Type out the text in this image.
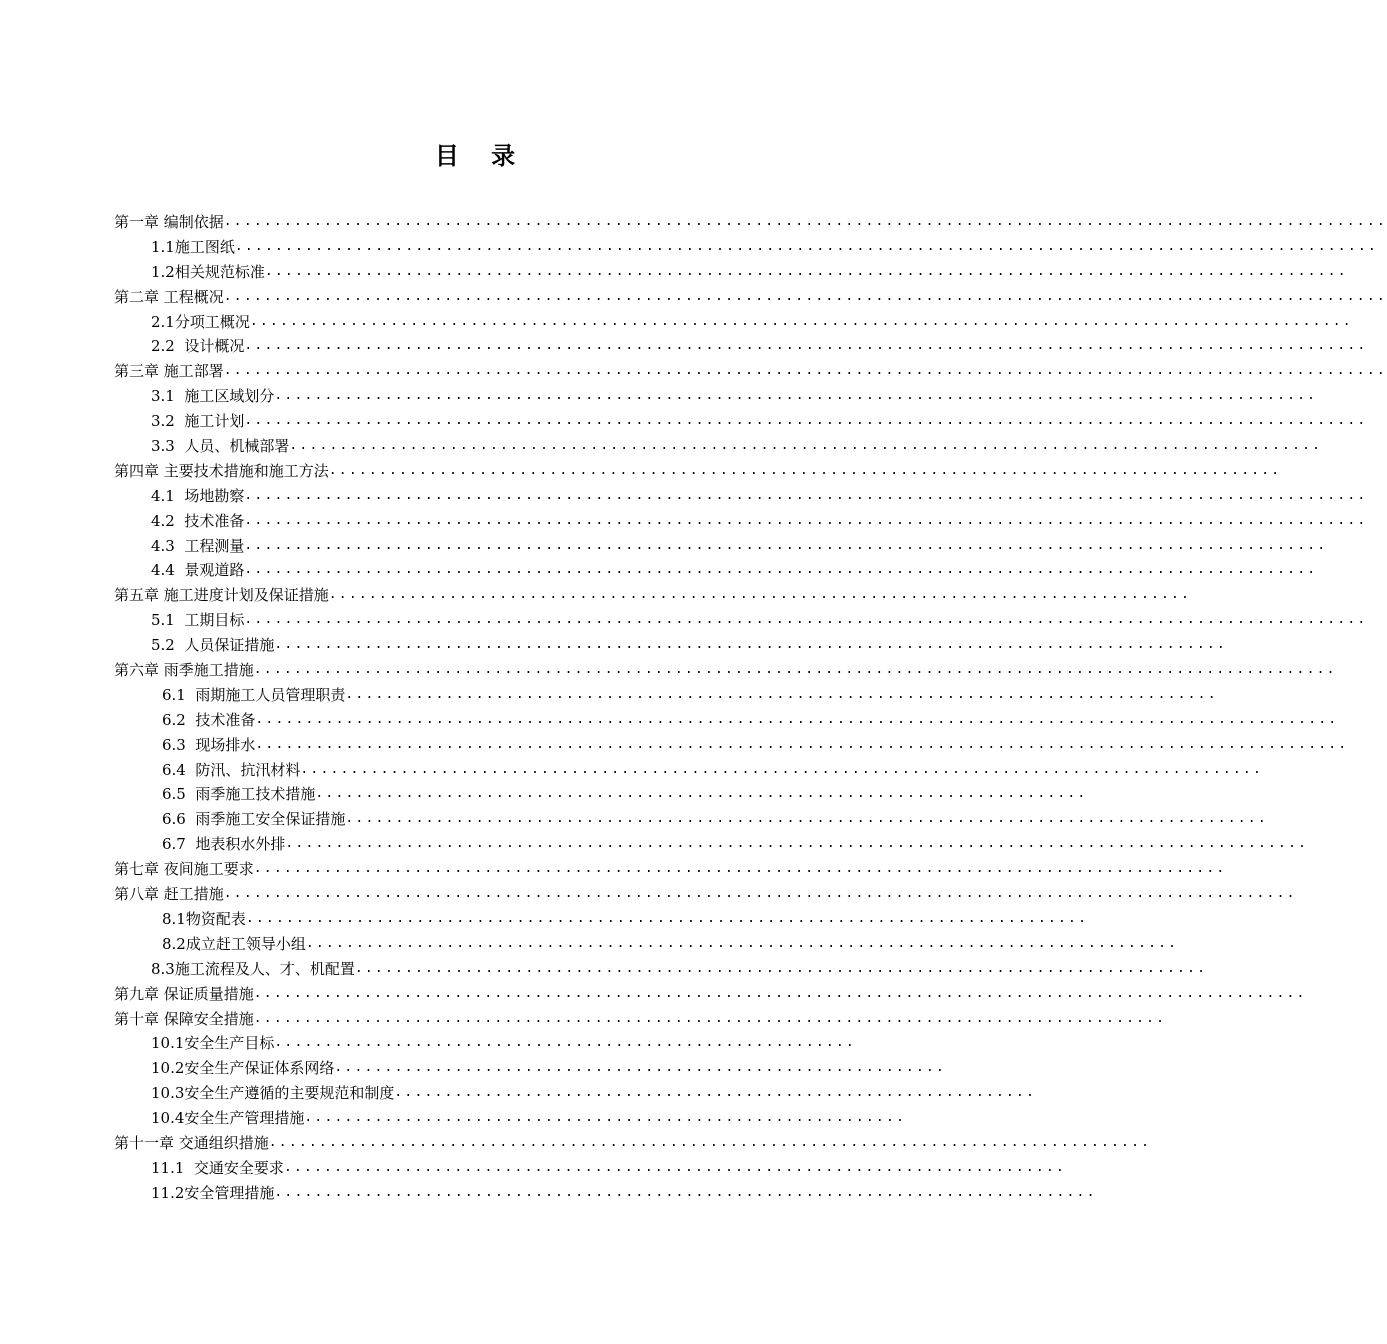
目 录
第一章 编制依据....................................................................................................................
1.1施工图纸..................................................................................................................
1.2相关规范标准............................................................................................................
第二章 工程概况....................................................................................................................
2.1分项工概况..............................................................................................................
2.2  设计概况................................................................................................................
第三章 施工部署....................................................................................................................
3.1  施工区域划分........................................................................................................
3.2  施工计划................................................................................................................
3.3  人员、机械部署.......................................................................................................
第四章 主要技术措施和施工方法...............................................................................................
4.1  场地勘察................................................................................................................
4.2  技术准备................................................................................................................
4.3  工程测量............................................................................................................
4.4  景观道路...........................................................................................................
第五章 施工进度计划及保证措施......................................................................................
5.1  工期目标................................................................................................................
5.2  人员保证措施...............................................................................................
第六章 雨季施工措施............................................................................................................
6.1  雨期施工人员管理职责.......................................................................................
6.2  技术准备............................................................................................................
6.3  现场排水.............................................................................................................
6.4  防汛、抗汛材料................................................................................................
6.5  雨季施工技术措施.............................................................................
6.6  雨季施工安全保证措施............................................................................................
6.7  地表积水外排......................................................................................................
第七章 夜间施工要求.................................................................................................
第八章 赶工措施...........................................................................................................
8.1物资配表....................................................................................
8.2成立赶工领导小组.......................................................................................
8.3施工流程及人、才、机配置.....................................................................................
第九章 保证质量措施.........................................................................................................
第十章 保障安全措施...........................................................................................
10.1安全生产目标..........................................................
10.2安全生产保证体系网络.............................................................
10.3安全生产遵循的主要规范和制度................................................................
10.4安全生产管理措施............................................................
第十一章 交通组织措施........................................................................................
11.1  交通安全要求..............................................................................
11.2安全管理措施..................................................................................
